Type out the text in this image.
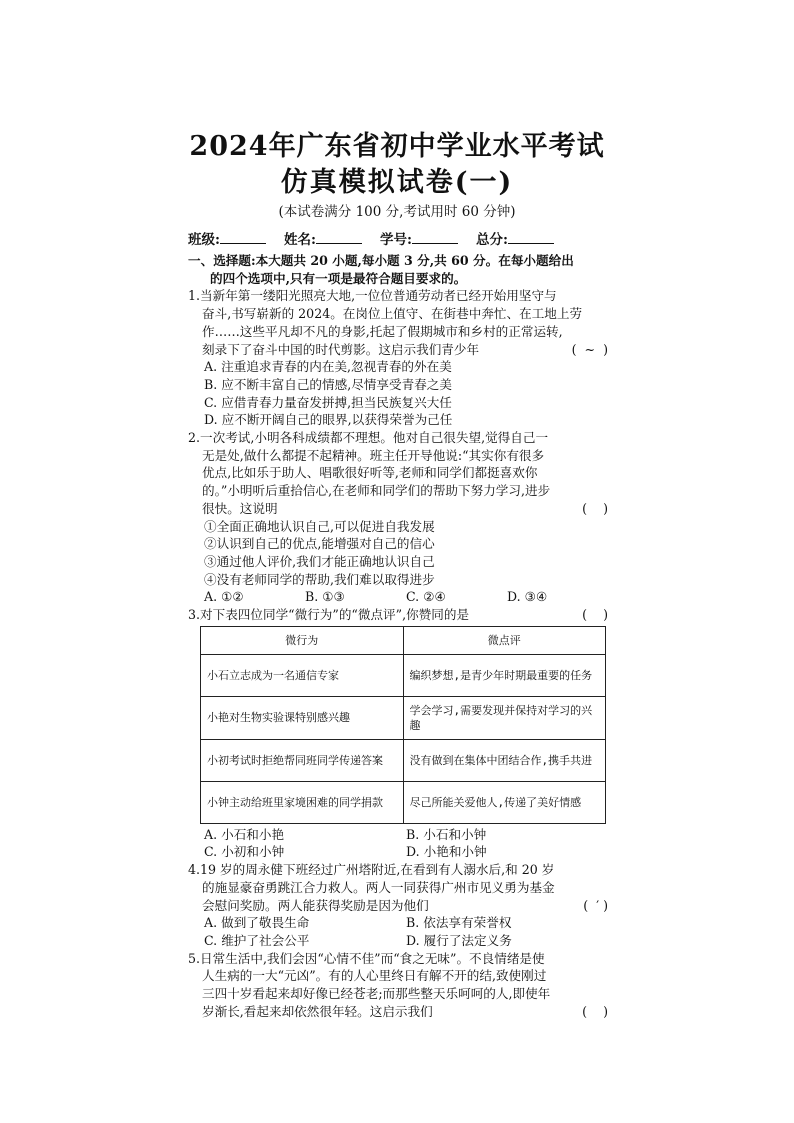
2024年广东省初中学业水平考试
仿真模拟试卷(一)
(本试卷满分 100 分,考试用时 60 分钟)
班级:	姓名:	学号:	总分:
一、选择题:本大题共 20 小题,每小题 3 分,共 60 分。在每小题给出
的四个选项中,只有一项是最符合题目要求的。
1.当新年第一缕阳光照亮大地,一位位普通劳动者已经开始用坚守与
奋斗,书写崭新的 2024。在岗位上值守、在街巷中奔忙、在工地上劳
作……这些平凡却不凡的身影,托起了假期城市和乡村的正常运转,
刻录下了奋斗中国的时代剪影。这启示我们青少年	(  ~  )
A. 注重追求青春的内在美,忽视青春的外在美
B. 应不断丰富自己的情感,尽情享受青春之美
C. 应借青春力量奋发拼搏,担当民族复兴大任
D. 应不断开阔自己的眼界,以获得荣誉为己任
2.一次考试,小明各科成绩都不理想。他对自己很失望,觉得自己一
无是处,做什么都提不起精神。班主任开导他说:“其实你有很多
优点,比如乐于助人、唱歌很好听等,老师和同学们都挺喜欢你
的。”小明听后重拾信心,在老师和同学们的帮助下努力学习,进步
很快。这说明	(    )
①全面正确地认识自己,可以促进自我发展
②认识到自己的优点,能增强对自己的信心
③通过他人评价,我们才能正确地认识自己
④没有老师同学的帮助,我们难以取得进步
A. ①②	B. ①③	C. ②④	D. ③④
3.对下表四位同学“微行为”的“微点评”,你赞同的是	(    )
微行为	微点评
小石立志成为一名通信专家	编织梦想,是青少年时期最重要的任务
小艳对生物实验课特别感兴趣	学会学习,需要发现并保持对学习的兴趣
小初考试时拒绝帮同班同学传递答案	没有做到在集体中团结合作,携手共进
小钟主动给班里家境困难的同学捐款	尽己所能关爱他人,传递了美好情感
A. 小石和小艳	B. 小石和小钟
C. 小初和小钟	D. 小艳和小钟
4.19 岁的周永健下班经过广州塔附近,在看到有人溺水后,和 20 岁
的施显豪奋勇跳江合力救人。两人一同获得广州市见义勇为基金
会慰问奖励。两人能获得奖励是因为他们	(  ′ )
A. 做到了敬畏生命	B. 依法享有荣誉权
C. 维护了社会公平	D. 履行了法定义务
5.日常生活中,我们会因“心情不佳”而“食之无味”。不良情绪是使
人生病的一大“元凶”。有的人心里终日有解不开的结,致使刚过
三四十岁看起来却好像已经苍老;而那些整天乐呵呵的人,即使年
岁渐长,看起来却依然很年轻。这启示我们	(    )
